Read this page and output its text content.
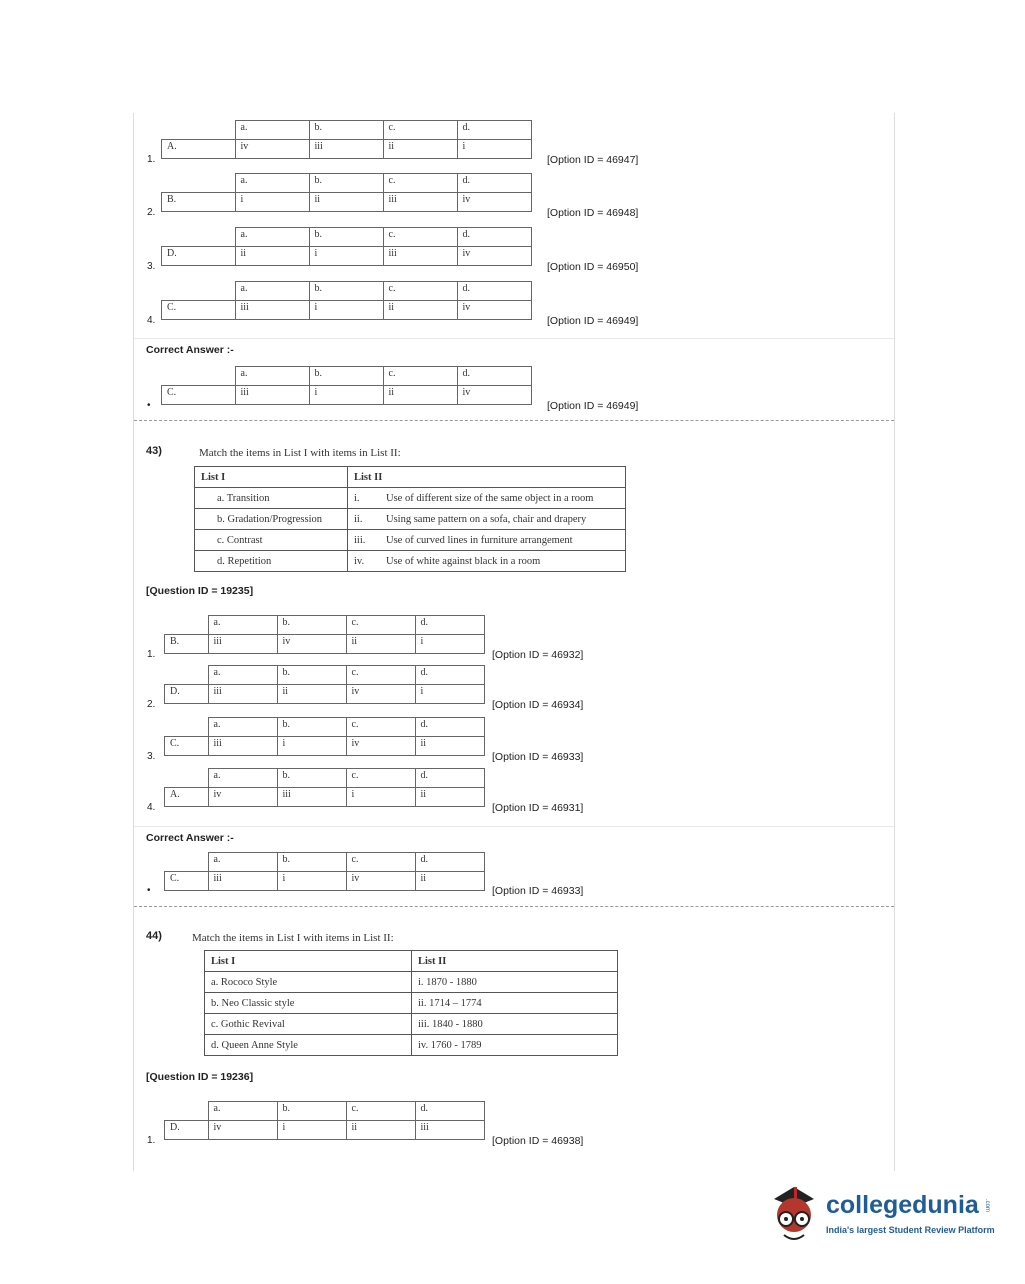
	a.	b.	c.	d.
A.	iv	iii	ii	i
1.	[Option ID = 46947]
	a.	b.	c.	d.
B.	i	ii	iii	iv
2.	[Option ID = 46948]
	a.	b.	c.	d.
D.	ii	i	iii	iv
3.	[Option ID = 46950]
	a.	b.	c.	d.
C.	iii	i	ii	iv
4.	[Option ID = 46949]
Correct Answer :-
	a.	b.	c.	d.
C.	iii	i	ii	iv
•	[Option ID = 46949]
43)	Match the items in List I with items in List II:
List I	List II	
a. Transition	i.	Use of different size of the same object in a room
b. Gradation/Progression	ii.	Using same pattern on a sofa, chair and drapery
c. Contrast	iii.	Use of curved lines in furniture arrangement
d. Repetition	iv.	Use of white against black in a room
[Question ID = 19235]
	a.	b.	c.	d.
B.	iii	iv	ii	i
1.	[Option ID = 46932]
	a.	b.	c.	d.
D.	iii	ii	iv	i
2.	[Option ID = 46934]
	a.	b.	c.	d.
C.	iii	i	iv	ii
3.	[Option ID = 46933]
	a.	b.	c.	d.
A.	iv	iii	i	ii
4.	[Option ID = 46931]
Correct Answer :-
	a.	b.	c.	d.
C.	iii	i	iv	ii
•	[Option ID = 46933]
44)	Match the items in List I with items in List II:
List I	List II
a. Rococo Style	i. 1870 - 1880
b. Neo Classic style	ii. 1714 – 1774
c. Gothic Revival	iii. 1840 - 1880
d. Queen Anne Style	iv. 1760 - 1789
[Question ID = 19236]
	a.	b.	c.	d.
D.	iv	i	ii	iii
1.	[Option ID = 46938]
collegedunia .com
India's largest Student Review Platform
